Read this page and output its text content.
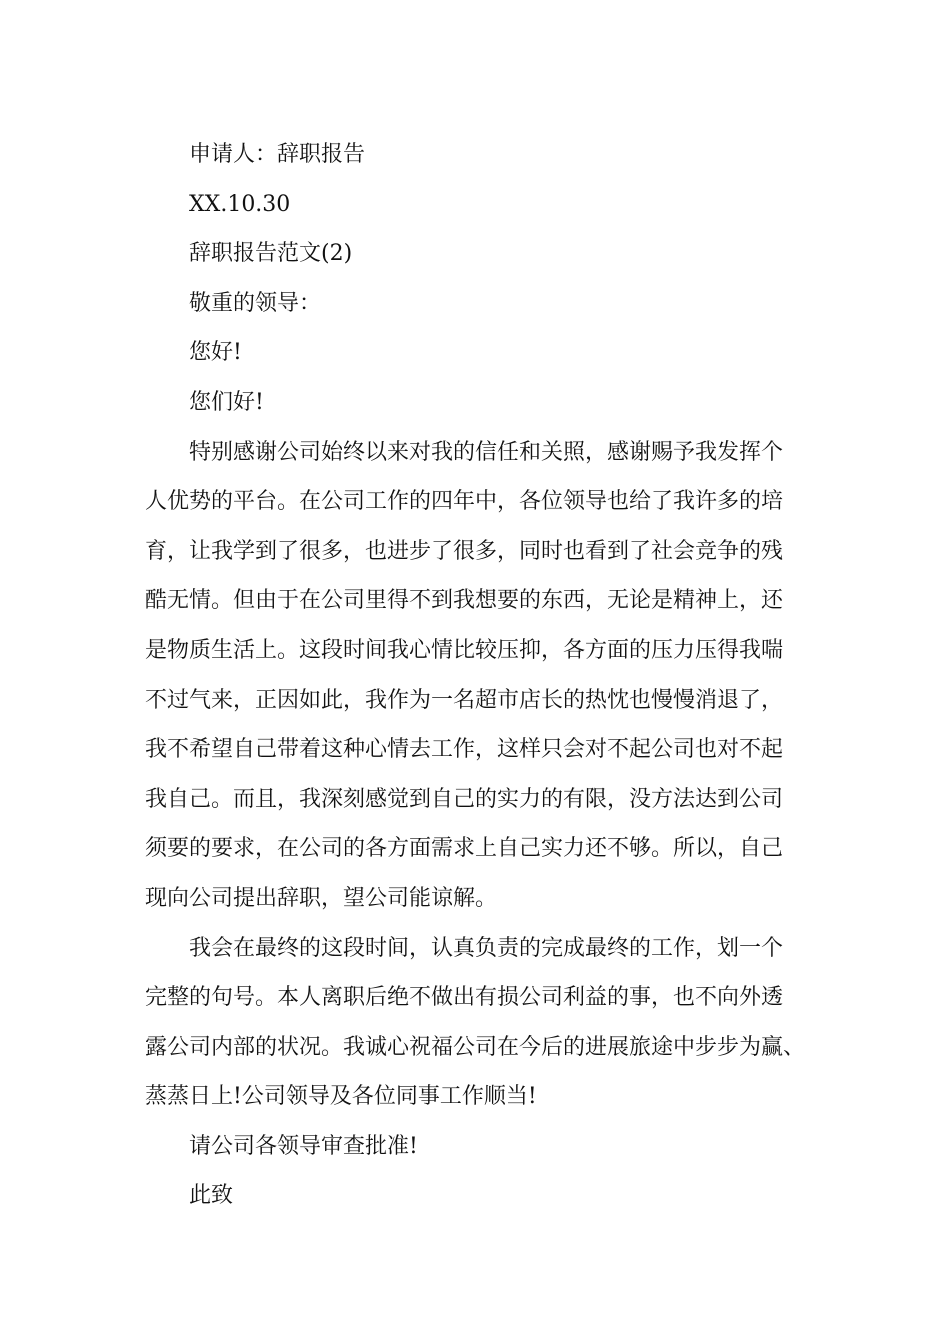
申请人：辞职报告
XX.10.30
辞职报告范文(2)
敬重的领导：
您好!
您们好!
特别感谢公司始终以来对我的信任和关照，感谢赐予我发挥个
人优势的平台。在公司工作的四年中，各位领导也给了我许多的培
育，让我学到了很多，也进步了很多，同时也看到了社会竞争的残
酷无情。但由于在公司里得不到我想要的东西，无论是精神上，还
是物质生活上。这段时间我心情比较压抑，各方面的压力压得我喘
不过气来，正因如此，我作为一名超市店长的热忱也慢慢消退了，
我不希望自己带着这种心情去工作，这样只会对不起公司也对不起
我自己。而且，我深刻感觉到自己的实力的有限，没方法达到公司
须要的要求，在公司的各方面需求上自己实力还不够。所以，自己
现向公司提出辞职，望公司能谅解。
我会在最终的这段时间，认真负责的完成最终的工作，划一个
完整的句号。本人离职后绝不做出有损公司利益的事，也不向外透
露公司内部的状况。我诚心祝福公司在今后的进展旅途中步步为赢、
蒸蒸日上!公司领导及各位同事工作顺当!
请公司各领导审查批准!
此致
